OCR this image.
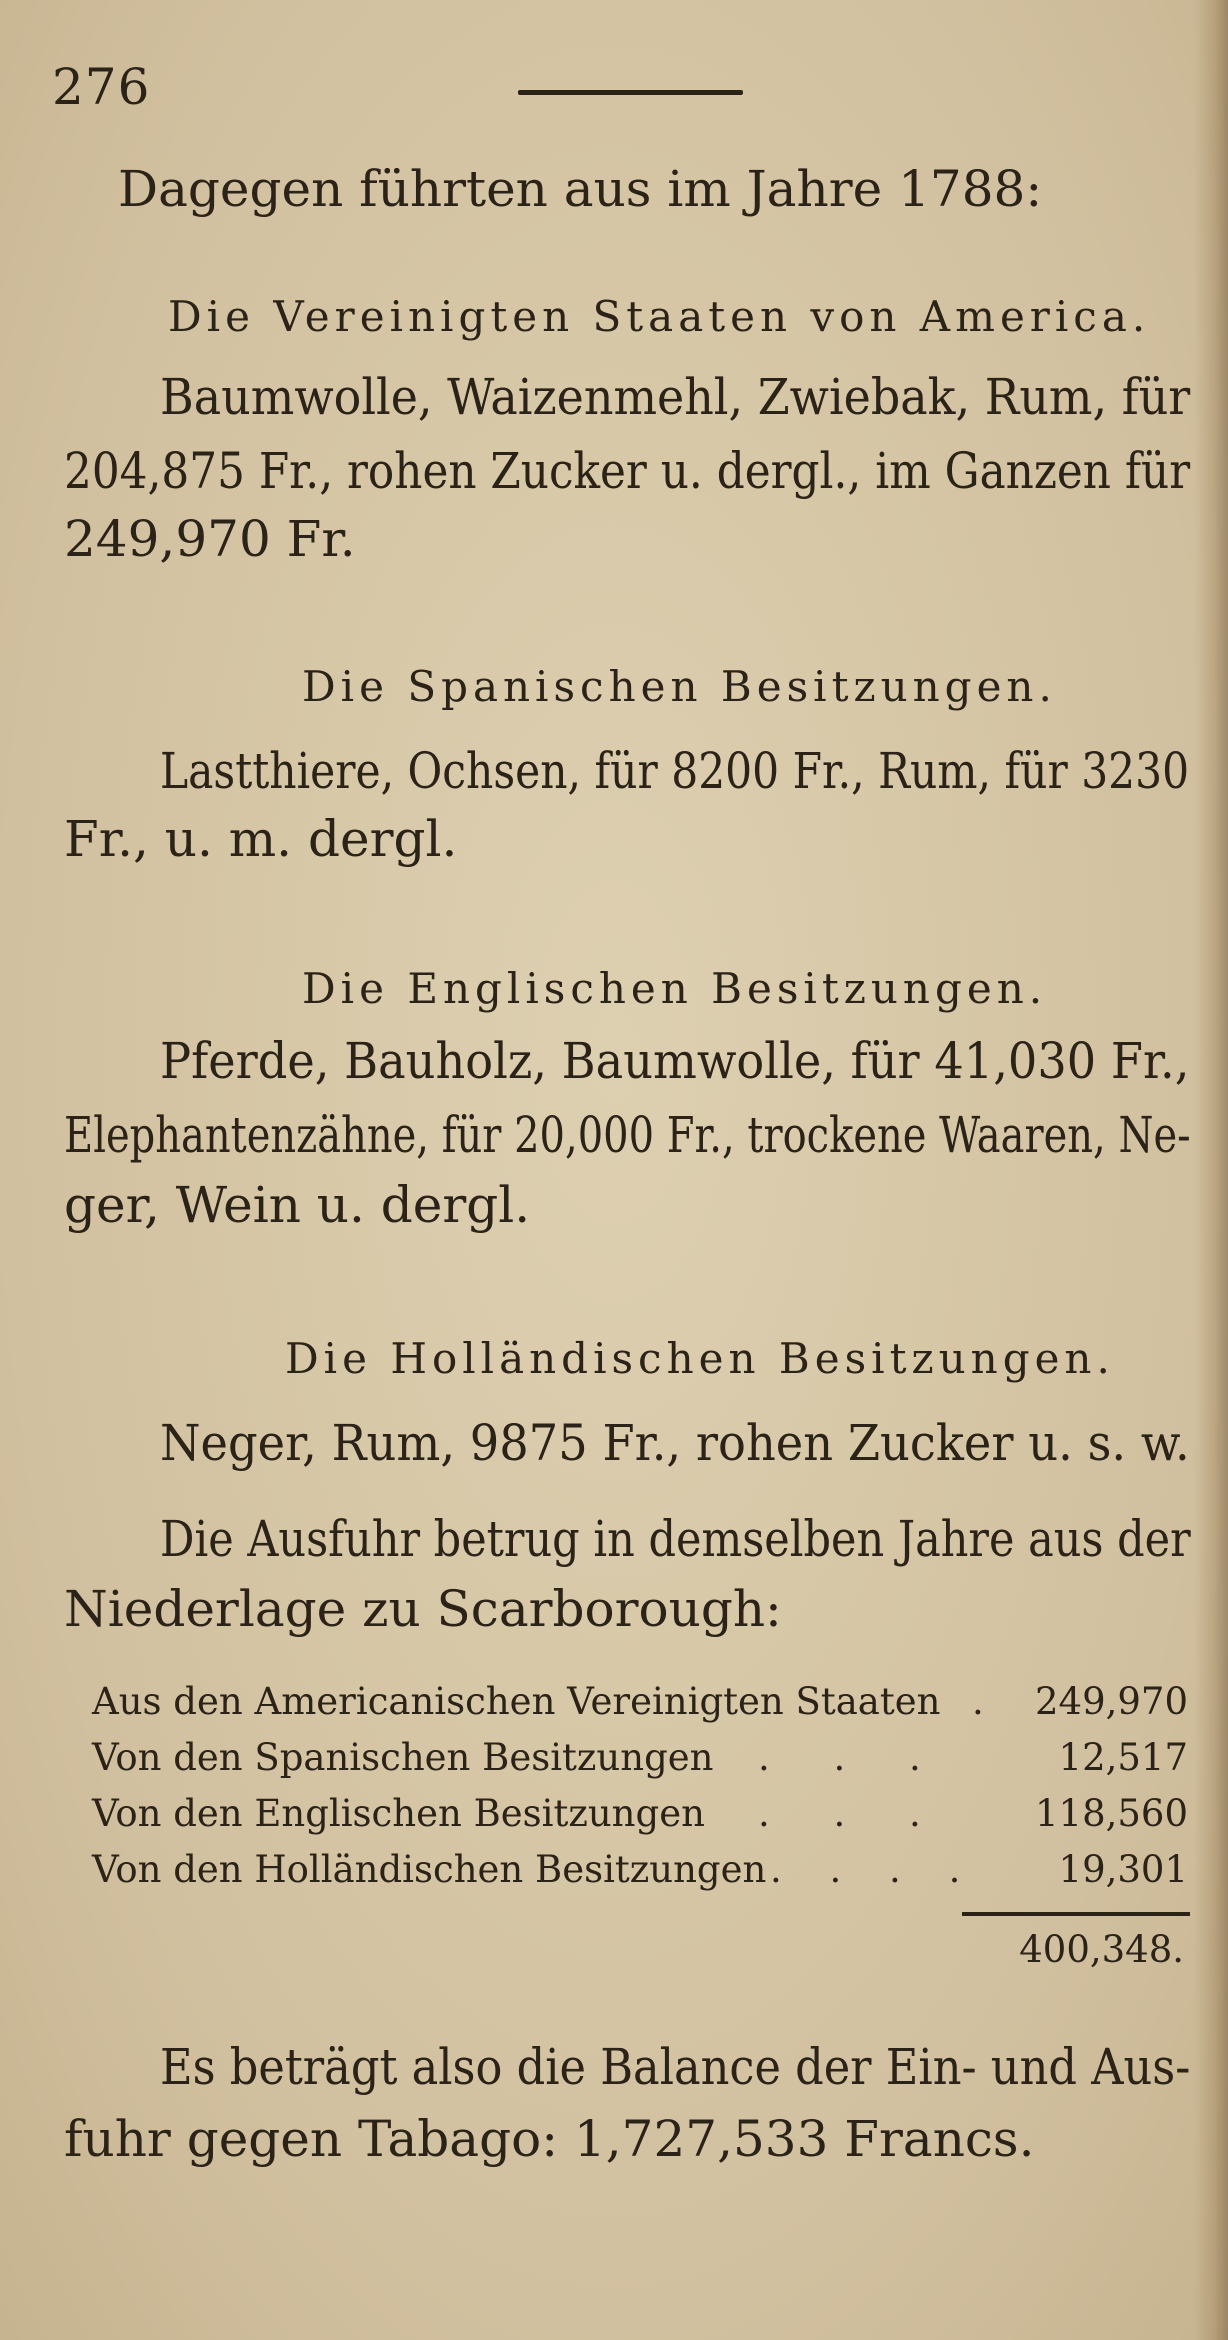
276
Dagegen führten aus im Jahre 1788:
Die Vereinigten Staaten von America.
Baumwolle, Waizenmehl, Zwiebak, Rum, für
204,875 Fr., rohen Zucker u. dergl., im Ganzen für
249,970 Fr.
Die Spanischen Besitzungen.
Lastthiere, Ochsen, für 8200 Fr., Rum, für 3230
Fr., u. m. dergl.
Die Englischen Besitzungen.
Pferde, Bauholz, Baumwolle, für 41,030 Fr.,
Elephantenzähne, für 20,000 Fr., trockene Waaren, Ne-
ger, Wein u. dergl.
Die Holländischen Besitzungen.
Neger, Rum, 9875 Fr., rohen Zucker u. s. w.
Die Ausfuhr betrug in demselben Jahre aus der
Niederlage zu Scarborough:
Aus den Americanischen Vereinigten Staaten .	249,970
Von den Spanischen Besitzungen . . .	12,517
Von den Englischen Besitzungen . . .	118,560
Von den Holländischen Besitzungen . . . .	19,301
400,348.
Es beträgt also die Balance der Ein- und Aus-
fuhr gegen Tabago: 1,727,533 Francs.
